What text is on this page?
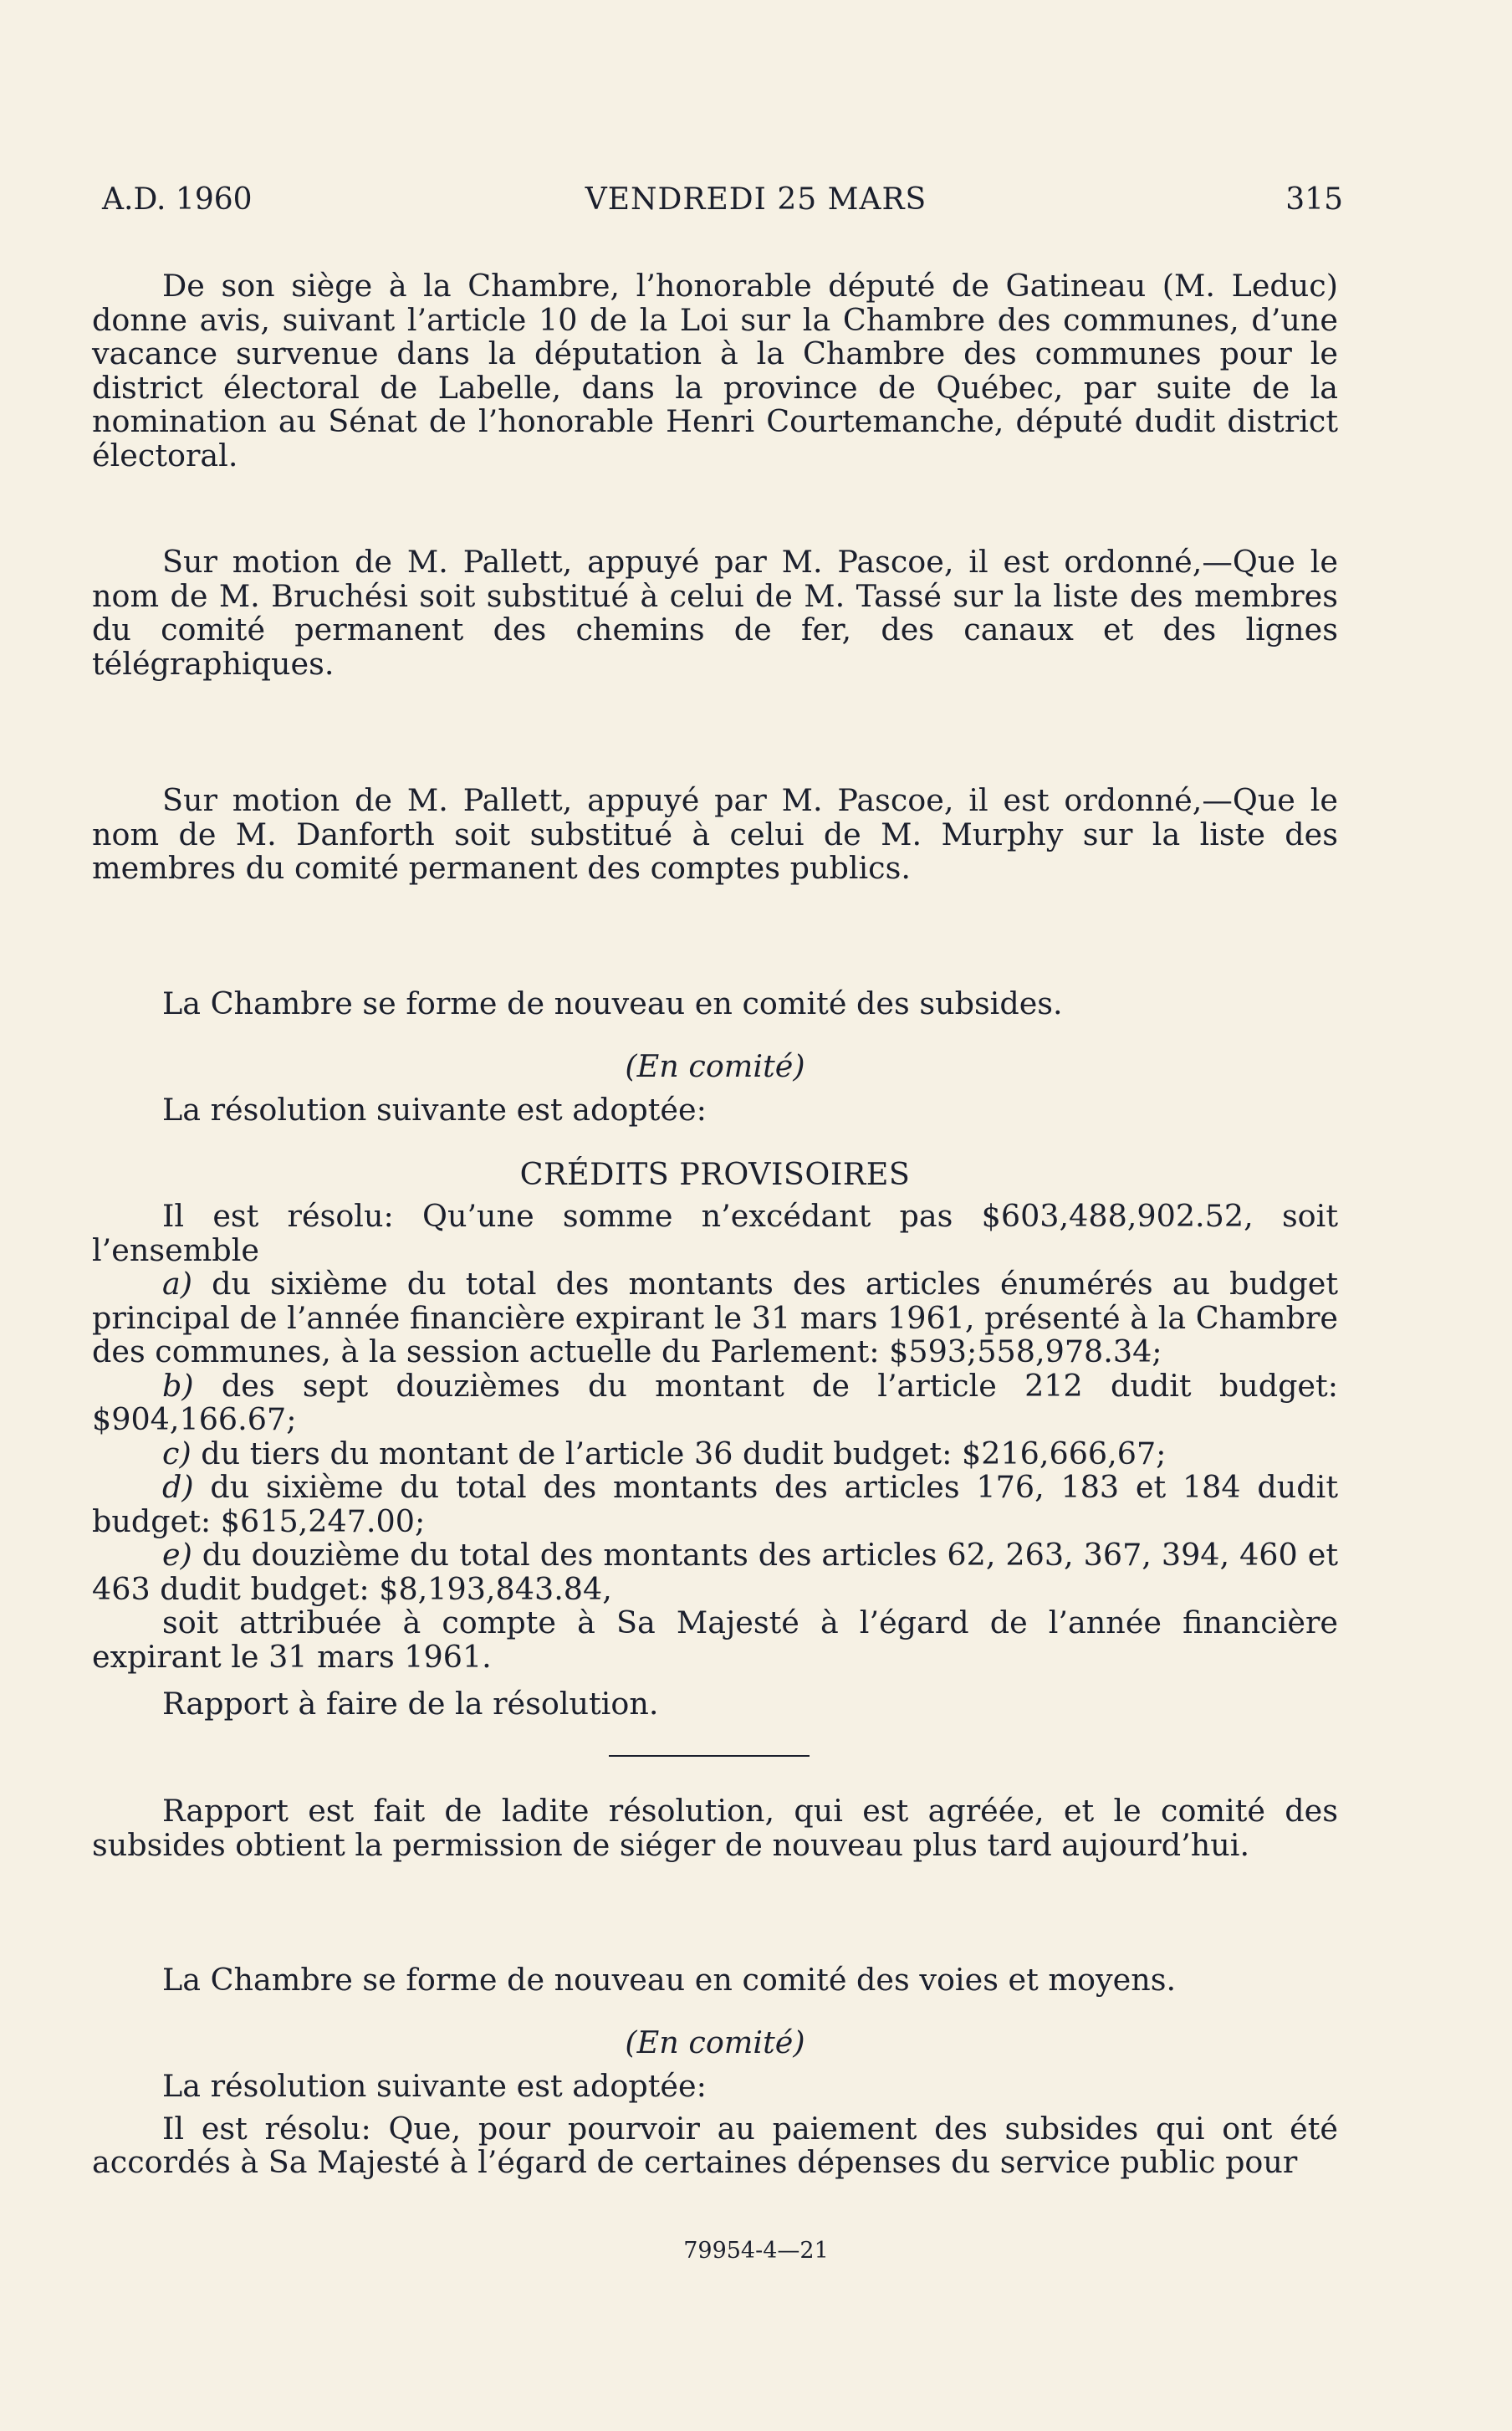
A.D. 1960	VENDREDI 25 MARS	315

De son siège à la Chambre, l’honorable député de Gatineau (M. Leduc) donne avis, suivant l’article 10 de la Loi sur la Chambre des communes, d’une vacance survenue dans la députation à la Chambre des communes pour le district électoral de Labelle, dans la province de Québec, par suite de la nomination au Sénat de l’honorable Henri Courtemanche, député dudit district électoral.

Sur motion de M. Pallett, appuyé par M. Pascoe, il est ordonné,—Que le nom de M. Bruchési soit substitué à celui de M. Tassé sur la liste des membres du comité permanent des chemins de fer, des canaux et des lignes télégraphiques.

Sur motion de M. Pallett, appuyé par M. Pascoe, il est ordonné,—Que le nom de M. Danforth soit substitué à celui de M. Murphy sur la liste des membres du comité permanent des comptes publics.

La Chambre se forme de nouveau en comité des subsides.

(En comité)

La résolution suivante est adoptée:

CRÉDITS PROVISOIRES

Il est résolu: Qu’une somme n’excédant pas $603,488,902.52, soit l’ensemble

a) du sixième du total des montants des articles énumérés au budget principal de l’année financière expirant le 31 mars 1961, présenté à la Chambre des communes, à la session actuelle du Parlement: $593;558,978.34;

b) des sept douzièmes du montant de l’article 212 dudit budget: $904,166.67;

c) du tiers du montant de l’article 36 dudit budget: $216,666,67;

d) du sixième du total des montants des articles 176, 183 et 184 dudit budget: $615,247.00;

e) du douzième du total des montants des articles 62, 263, 367, 394, 460 et 463 dudit budget: $8,193,843.84,

soit attribuée à compte à Sa Majesté à l’égard de l’année financière expirant le 31 mars 1961.

Rapport à faire de la résolution.

Rapport est fait de ladite résolution, qui est agréée, et le comité des subsides obtient la permission de siéger de nouveau plus tard aujourd’hui.

La Chambre se forme de nouveau en comité des voies et moyens.

(En comité)

La résolution suivante est adoptée:

Il est résolu: Que, pour pourvoir au paiement des subsides qui ont été accordés à Sa Majesté à l’égard de certaines dépenses du service public pour

79954-4—21
